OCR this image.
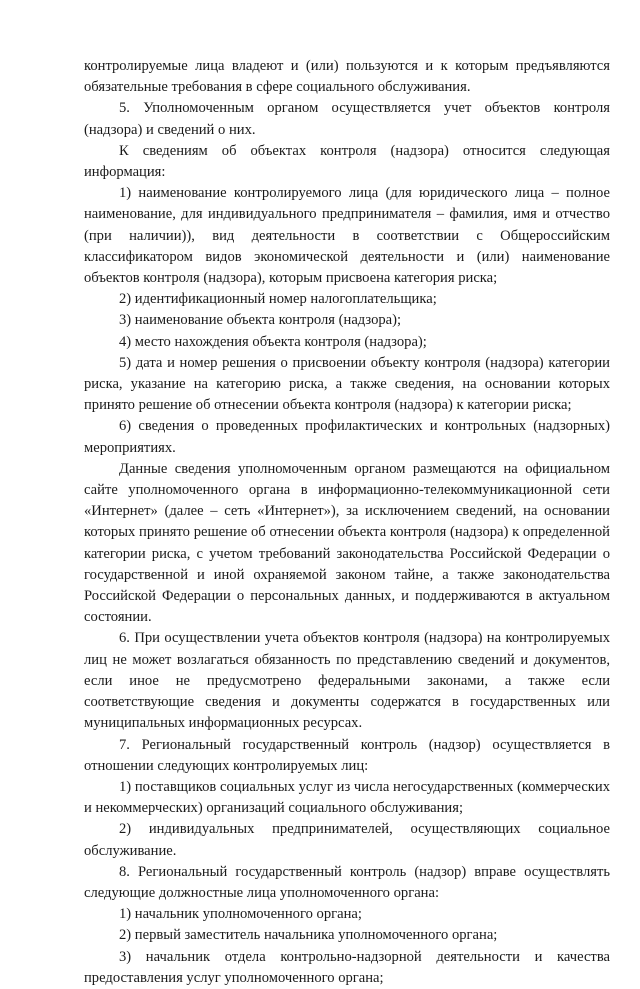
контролируемые лица владеют и (или) пользуются и к которым предъявляются обязательные требования в сфере социального обслуживания.

5. Уполномоченным органом осуществляется учет объектов контроля (надзора) и сведений о них.

К сведениям об объектах контроля (надзора) относится следующая информация:

1) наименование контролируемого лица (для юридического лица – полное наименование, для индивидуального предпринимателя – фамилия, имя и отчество (при наличии)), вид деятельности в соответствии с Общероссийским классификатором видов экономической деятельности и (или) наименование объектов контроля (надзора), которым присвоена категория риска;

2) идентификационный номер налогоплательщика;

3) наименование объекта контроля (надзора);

4) место нахождения объекта контроля (надзора);

5) дата и номер решения о присвоении объекту контроля (надзора) категории риска, указание на категорию риска, а также сведения, на основании которых принято решение об отнесении объекта контроля (надзора) к категории риска;

6) сведения о проведенных профилактических и контрольных (надзорных) мероприятиях.

Данные сведения уполномоченным органом размещаются на официальном сайте уполномоченного органа в информационно-телекоммуникационной сети «Интернет» (далее – сеть «Интернет»), за исключением сведений, на основании которых принято решение об отнесении объекта контроля (надзора) к определенной категории риска, с учетом требований законодательства Российской Федерации о государственной и иной охраняемой законом тайне, а также законодательства Российской Федерации о персональных данных, и поддерживаются в актуальном состоянии.

6. При осуществлении учета объектов контроля (надзора) на контролируемых лиц не может возлагаться обязанность по представлению сведений и документов, если иное не предусмотрено федеральными законами, а также если соответствующие сведения и документы содержатся в государственных или муниципальных информационных ресурсах.

7. Региональный государственный контроль (надзор) осуществляется в отношении следующих контролируемых лиц:

1) поставщиков социальных услуг из числа негосударственных (коммерческих и некоммерческих) организаций социального обслуживания;

2) индивидуальных предпринимателей, осуществляющих социальное обслуживание.

8. Региональный государственный контроль (надзор) вправе осуществлять следующие должностные лица уполномоченного органа:

1) начальник уполномоченного органа;

2) первый заместитель начальника уполномоченного органа;

3) начальник отдела контрольно-надзорной деятельности и качества предоставления услуг уполномоченного органа;
